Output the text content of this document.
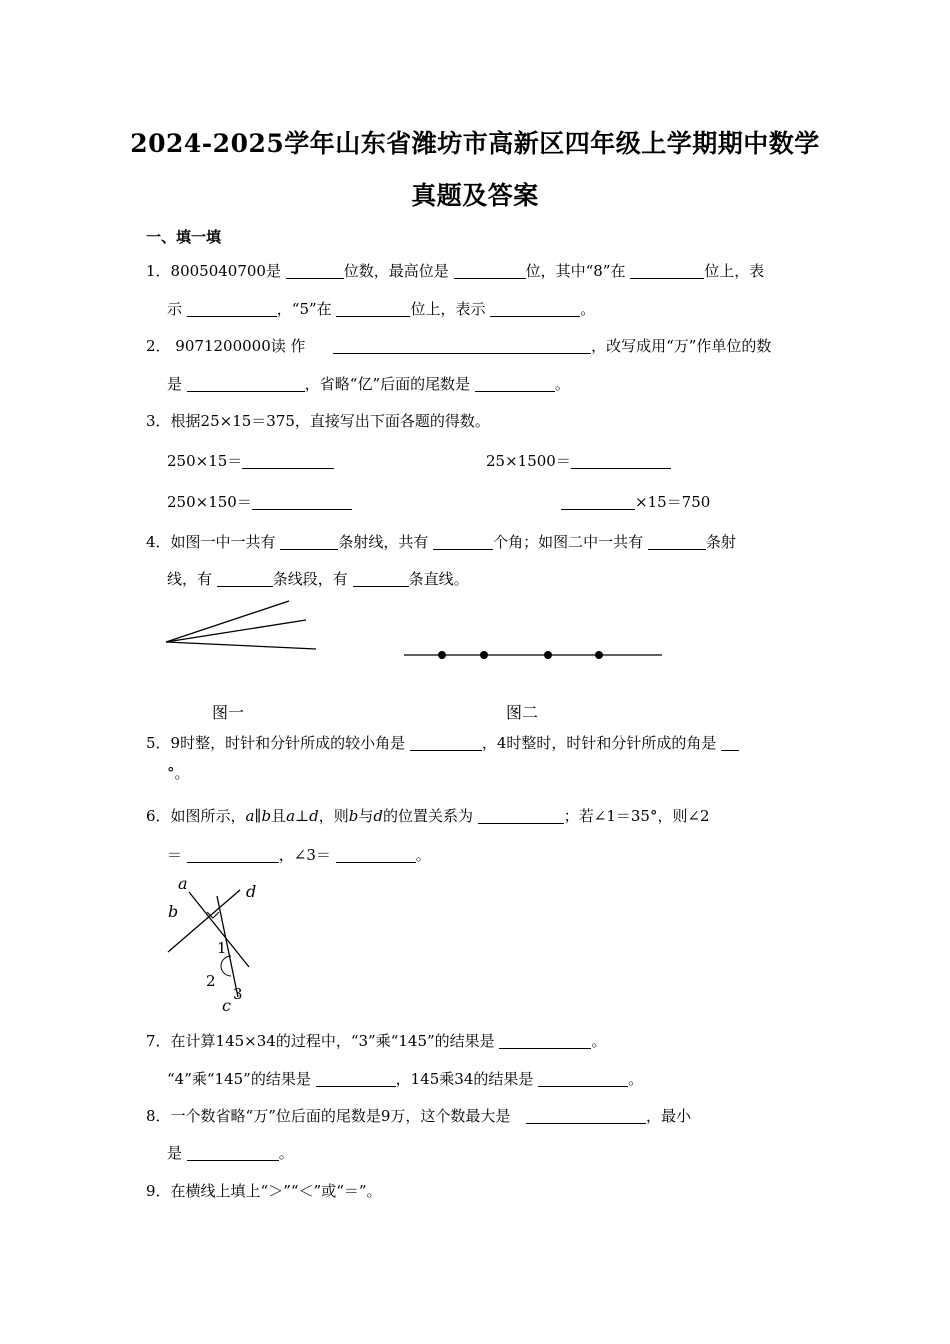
2024-2025学年山东省潍坊市高新区四年级上学期期中数学
真题及答案
一、填一填
1．8005040700是	位数，最高位是	位，其中“8”在	位上，表
示	，“5”在	位上，表示	。
2． 9071200000读 作	，改写成用“万”作单位的数
是	，省略“亿”后面的尾数是	。
3．根据25×15＝375，直接写出下面各题的得数。
250×15＝	25×1500＝
250×150＝	×15＝750
4．如图一中一共有	条射线，共有	个角；如图二中一共有	条射
线，有	条线段，有	条直线。
图一	图二
5．9时整，时针和分针所成的较小角是	，4时整时，时针和分针所成的角是
°。
6．如图所示，a∥b且a⊥d，则b与d的位置关系为	；若∠1＝35°，则∠2
＝	，∠3＝	。
a
b
d
c
1
2
3
7．在计算145×34的过程中，“3”乘“145”的结果是	。
“4”乘“145”的结果是	，145乘34的结果是	。
8．一个数省略“万”位后面的尾数是9万，这个数最大是	，最小
是	。
9．在横线上填上“＞”“＜”或“＝”。
